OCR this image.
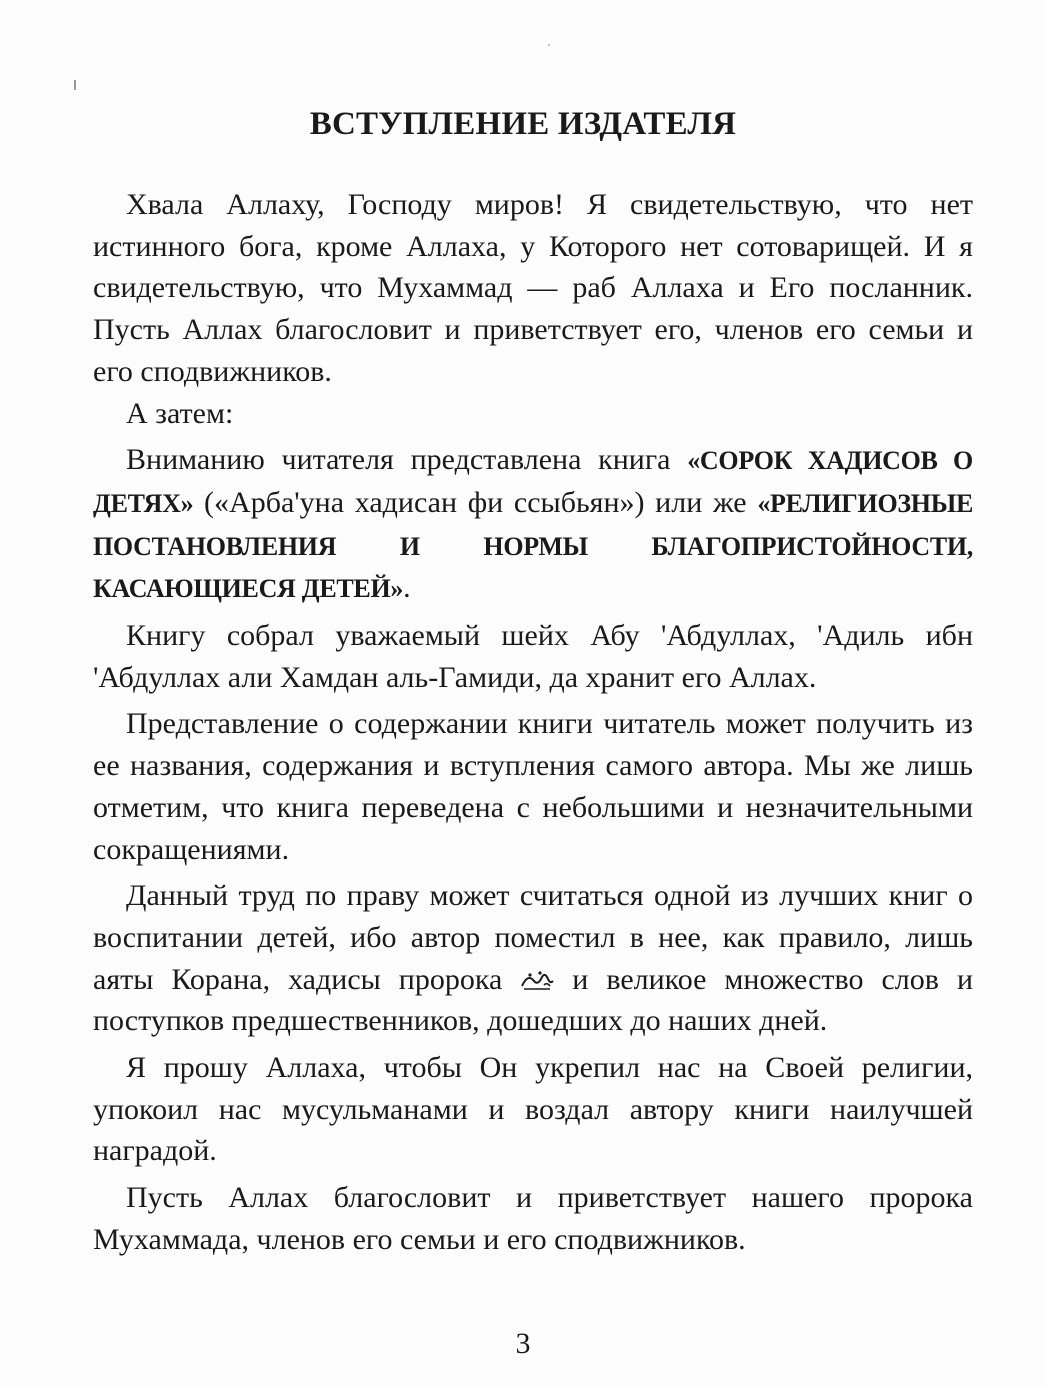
ВСТУПЛЕНИЕ ИЗДАТЕЛЯ

Хвала Аллаху, Господу миров! Я свидетельствую, что нет истинного бога, кроме Аллаха, у Которого нет сотоварищей. И я свидетельствую, что Мухаммад — раб Аллаха и Его посланник. Пусть Аллах благословит и приветствует его, членов его семьи и его сподвижников.

А затем:

Вниманию читателя представлена книга «СОРОК ХАДИСОВ О ДЕТЯХ» («Арба'уна хадисан фи ссыбьян») или же «РЕЛИГИОЗНЫЕ ПОСТАНОВЛЕНИЯ И НОРМЫ БЛАГОПРИСТОЙНОСТИ, КАСАЮЩИЕСЯ ДЕТЕЙ».

Книгу собрал уважаемый шейх Абу 'Абдуллах, 'Адиль ибн 'Абдуллах али Хамдан аль-Гамиди, да хранит его Аллах.

Представление о содержании книги читатель может получить из ее названия, содержания и вступления самого автора. Мы же лишь отметим, что книга переведена с небольшими и незначительными сокращениями.

Данный труд по праву может считаться одной из лучших книг о воспитании детей, ибо автор поместил в нее, как правило, лишь аяты Корана, хадисы пророка  и великое множество слов и поступков предшественников, дошедших до наших дней.

Я прошу Аллаха, чтобы Он укрепил нас на Своей религии, упокоил нас мусульманами и воздал автору книги наилучшей наградой.

Пусть Аллах благословит и приветствует нашего пророка Мухаммада, членов его семьи и его сподвижников.

3
